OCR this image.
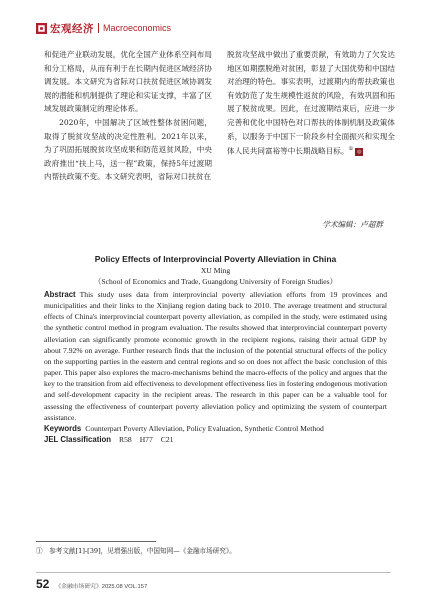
宏观经济 Macroeconomics

和促进产业联动发展，优化全国产业体系空间布局和分工格局，从而有利于在长期内促进区域经济协调发展。本文研究为省际对口扶贫促进区域协调发展的潜能和机制提供了理论和实证支撑，丰富了区域发展政策制定的理论体系。

2020年，中国解决了区域性整体贫困问题，取得了脱贫攻坚战的决定性胜利。2021年以来，为了巩固拓展脱贫攻坚成果和防范返贫风险，中央政府推出“扶上马，送一程”政策，保持5年过渡期内帮扶政策不变。本文研究表明，省际对口扶贫在

脱贫攻坚战中做出了重要贡献，有效助力了欠发达地区如期摆脱绝对贫困，彰显了大国优势和中国结对治理的特色。事实表明，过渡期内的帮扶政策也有效防范了发生规模性返贫的风险，有效巩固和拓展了脱贫成果。因此，在过渡期结束后，应进一步完善和优化中国特色对口帮扶的体制机制及政策体系，以服务于中国下一阶段乡村全面振兴和实现全体人民共同富裕等中长期战略目标。① ◎

学术编辑：卢超群

Policy Effects of Interprovincial Poverty Alleviation in China

XU Ming

（School of Economics and Trade, Guangdong University of Foreign Studies）

Abstract This study uses data from interprovincial poverty alleviation efforts from 19 provinces and municipalities and their links to the Xinjiang region dating back to 2010. The average treatment and structural effects of China's interprovincial counterpart poverty alleviation, as compiled in the study, were estimated using the synthetic control method in program evaluation. The results showed that interprovincial counterpart poverty alleviation can significantly promote economic growth in the recipient regions, raising their actual GDP by about 7.92% on average. Further research finds that the inclusion of the potential structural effects of the policy on the supporting parties in the eastern and central regions and so on does not affect the basic conclusion of this paper. This paper also explores the macro-mechanisms behind the macro-effects of the policy and argues that the key to the transition from aid effectiveness to development effectiveness lies in fostering endogenous motivation and self-development capacity in the recipient areas. The research in this paper can be a valuable tool for assessing the effectiveness of counterpart poverty alleviation policy and optimizing the system of counterpart assistance.

Keywords Counterpart Poverty Alleviation, Policy Evaluation, Synthetic Control Method

JEL Classification R58 H77 C21

①　参考文献[1]-[39]，见增强出版，中国知网—《金融市场研究》。
52 《金融市场研究》2025.08 VOL.157
